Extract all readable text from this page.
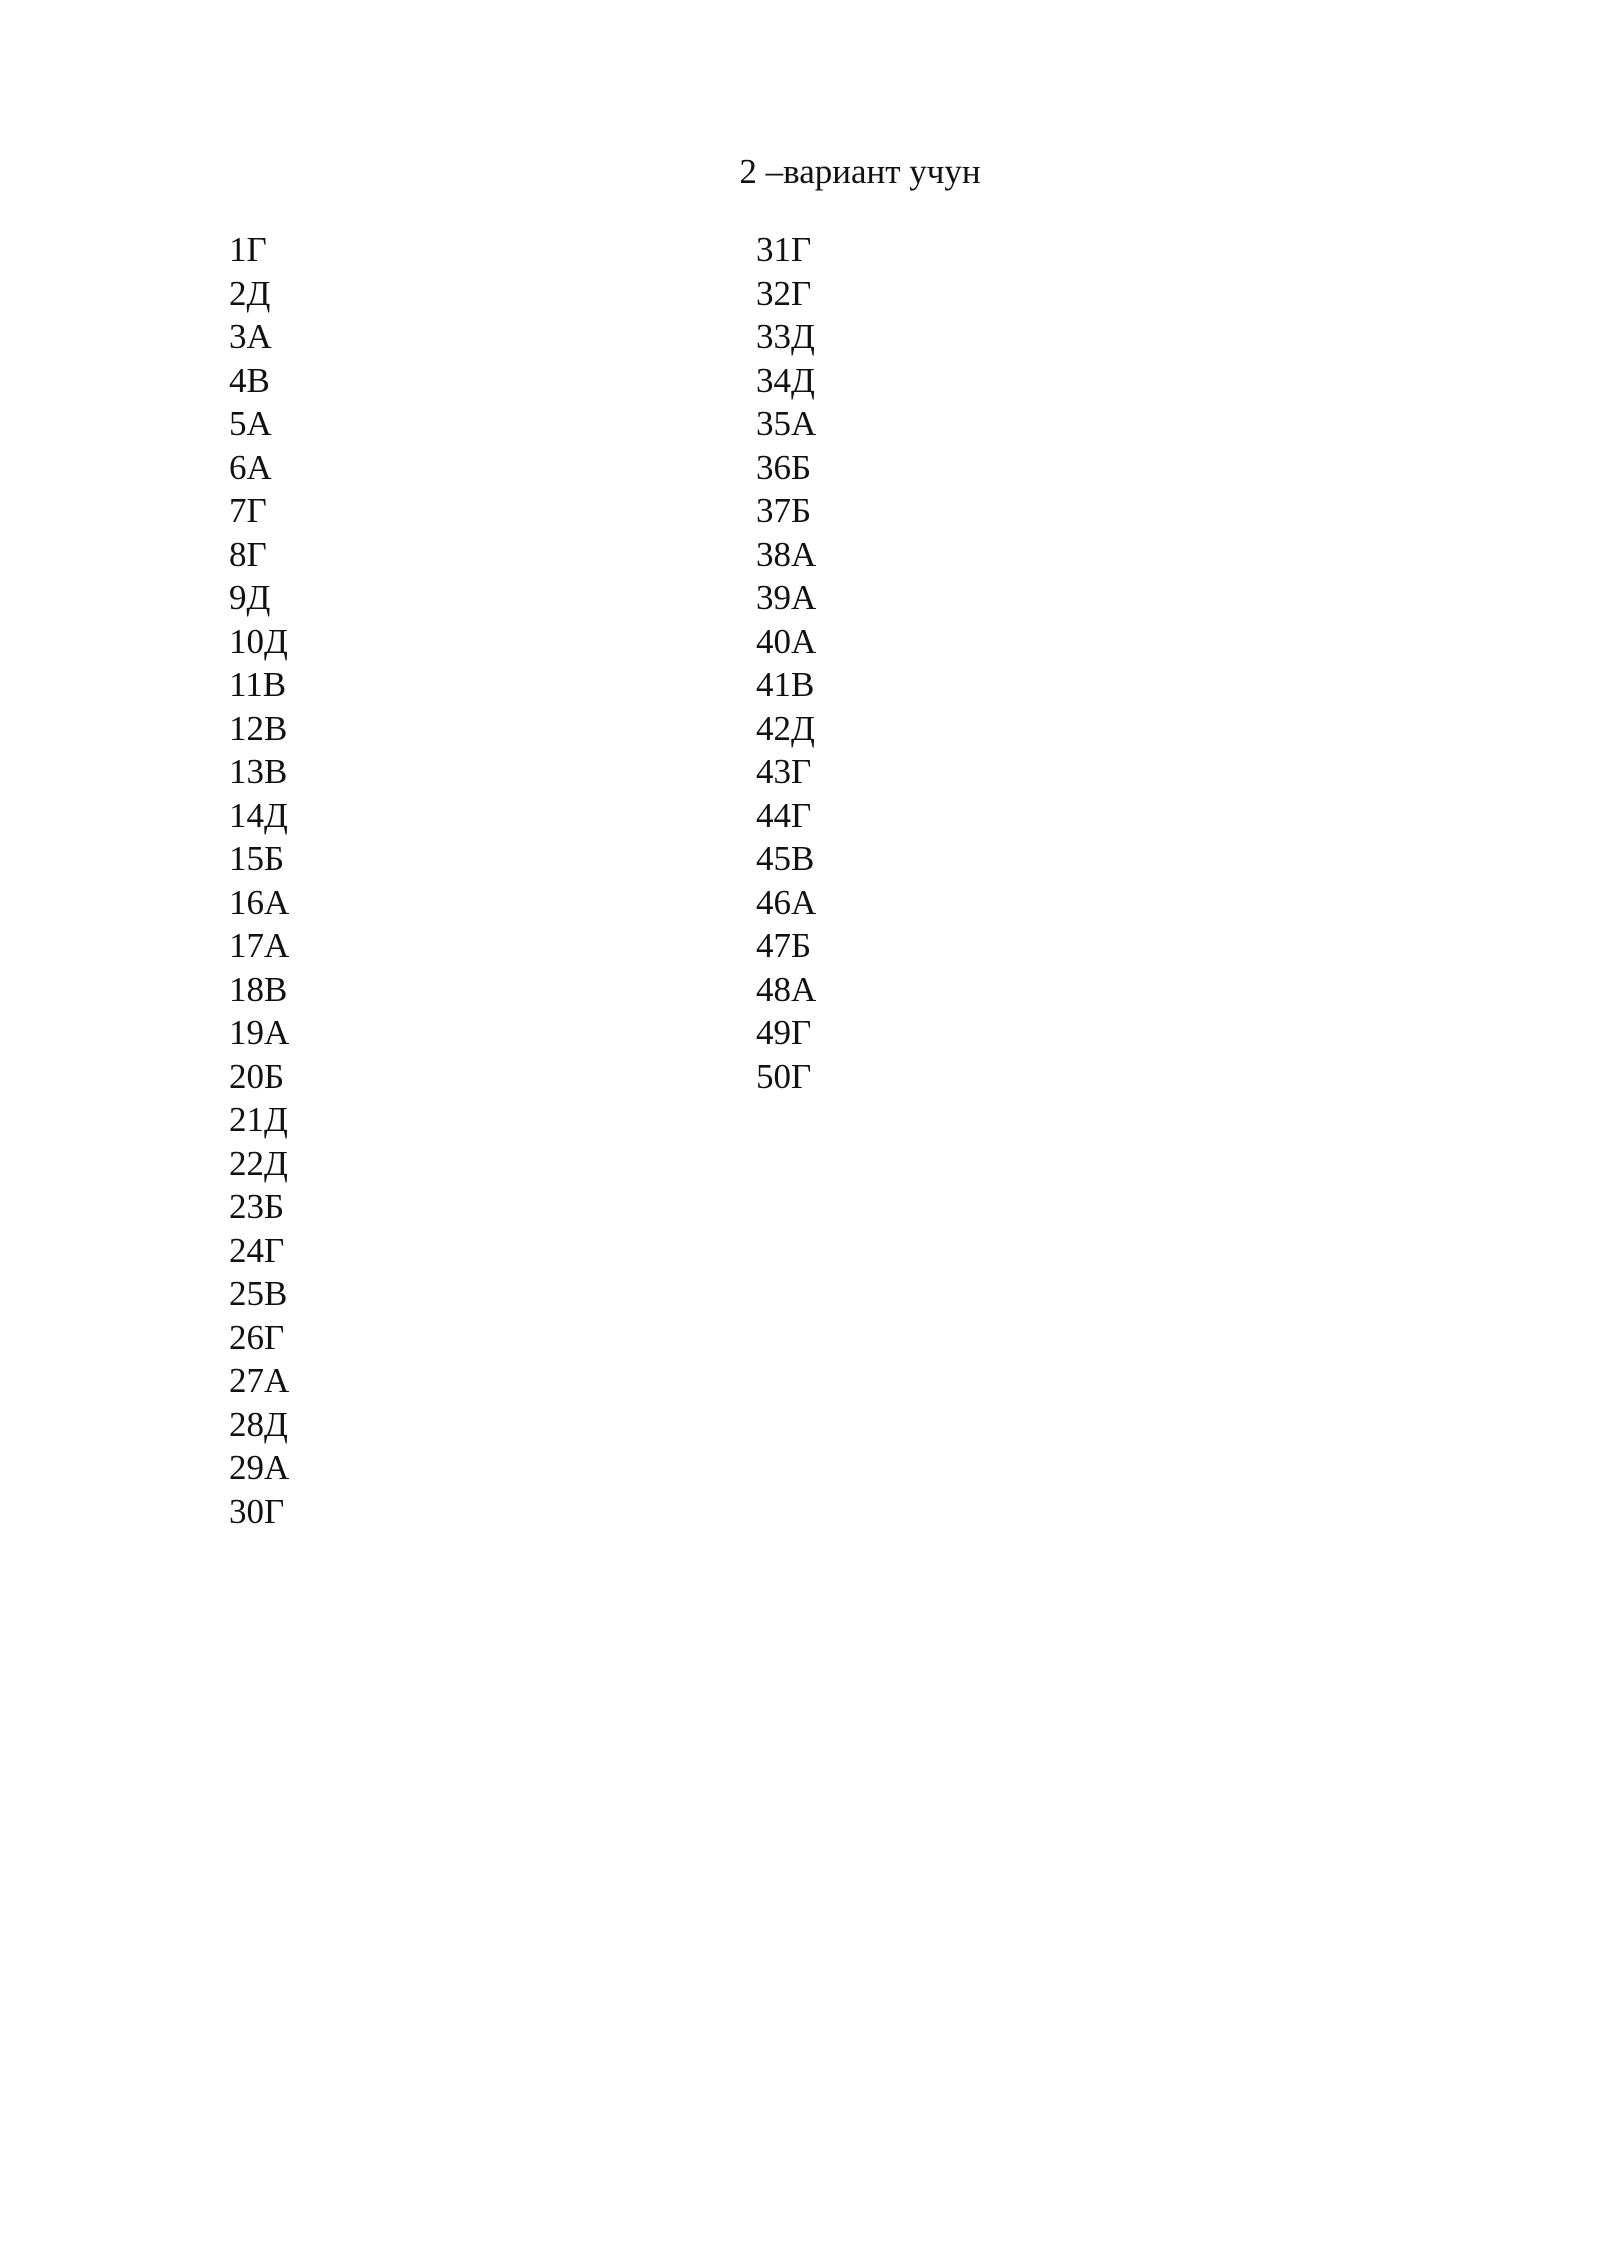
2 –вариант учун
1Г
2Д
3А
4В
5А
6А
7Г
8Г
9Д
10Д
11В
12В
13В
14Д
15Б
16А
17А
18В
19А
20Б
21Д
22Д
23Б
24Г
25В
26Г
27А
28Д
29А
30Г
31Г
32Г
33Д
34Д
35А
36Б
37Б
38А
39А
40А
41В
42Д
43Г
44Г
45В
46А
47Б
48А
49Г
50Г
